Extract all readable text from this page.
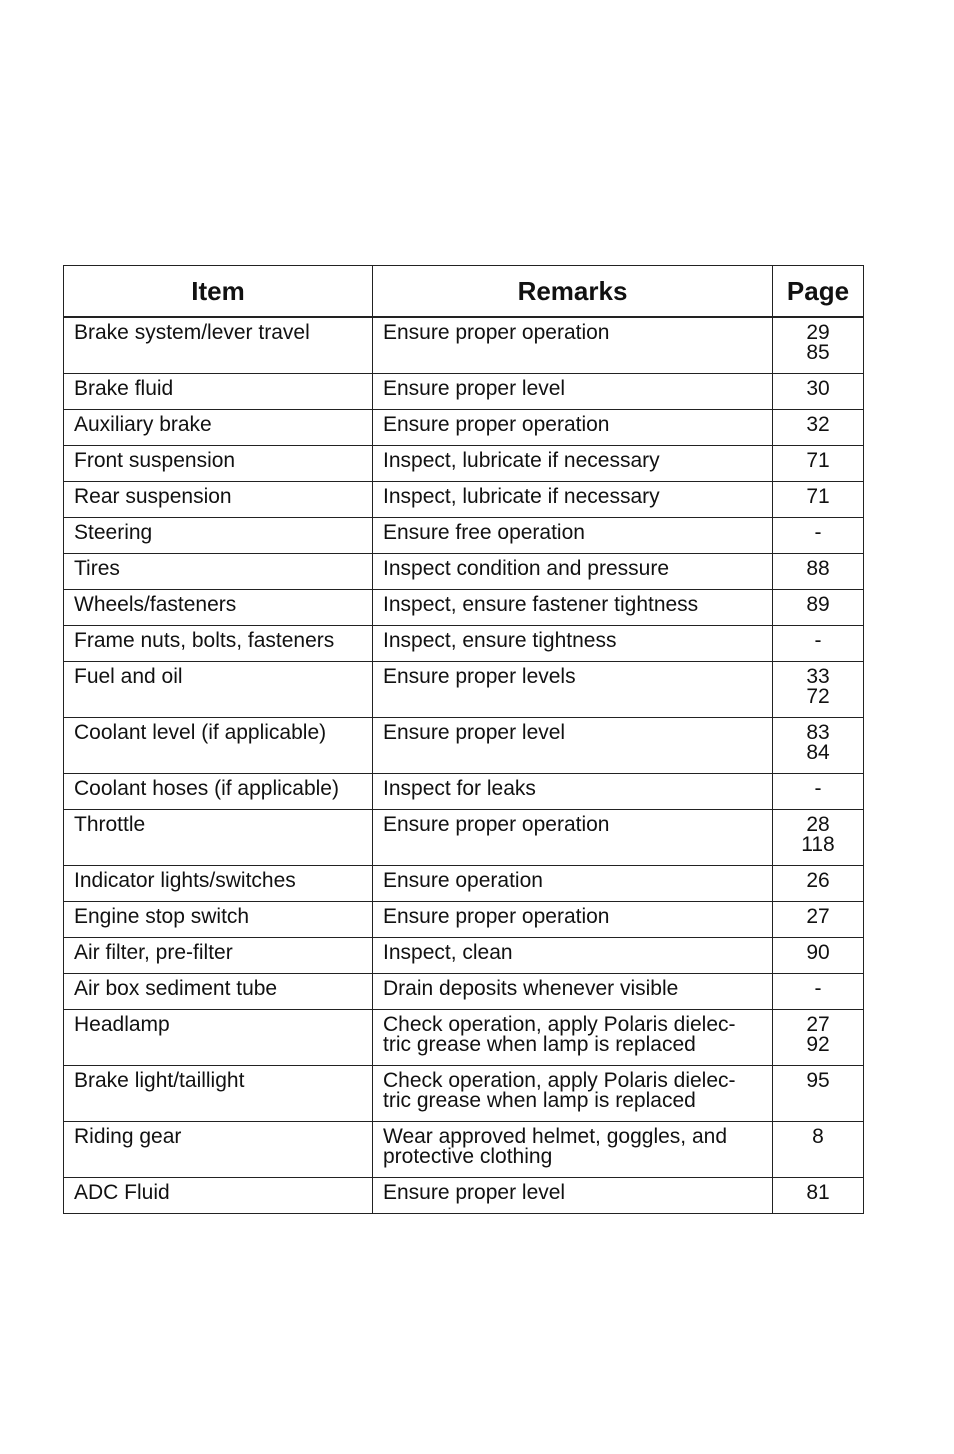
Item	Remarks	Page
Brake system/lever travel	Ensure proper operation	29
85

Brake fluid	Ensure proper level	30

Auxiliary brake	Ensure proper operation	32

Front suspension	Inspect, lubricate if necessary	71

Rear suspension	Inspect, lubricate if necessary	71

Steering	Ensure free operation	-

Tires	Inspect condition and pressure	88

Wheels/fasteners	Inspect, ensure fastener tightness	89

Frame nuts, bolts, fasteners	Inspect, ensure tightness	-

Fuel and oil	Ensure proper levels	33
72

Coolant level (if applicable)	Ensure proper level	83
84

Coolant hoses (if applicable)	Inspect for leaks	-

Throttle	Ensure proper operation	28
118

Indicator lights/switches	Ensure operation	26

Engine stop switch	Ensure proper operation	27

Air filter, pre-filter	Inspect, clean	90

Air box sediment tube	Drain deposits whenever visible	-

Headlamp	Check operation, apply Polaris dielec-
tric grease when lamp is replaced	27
92

Brake light/taillight	Check operation, apply Polaris dielec-
tric grease when lamp is replaced	95

Riding gear	Wear approved helmet, goggles, and
protective clothing	8

ADC Fluid	Ensure proper level	81
